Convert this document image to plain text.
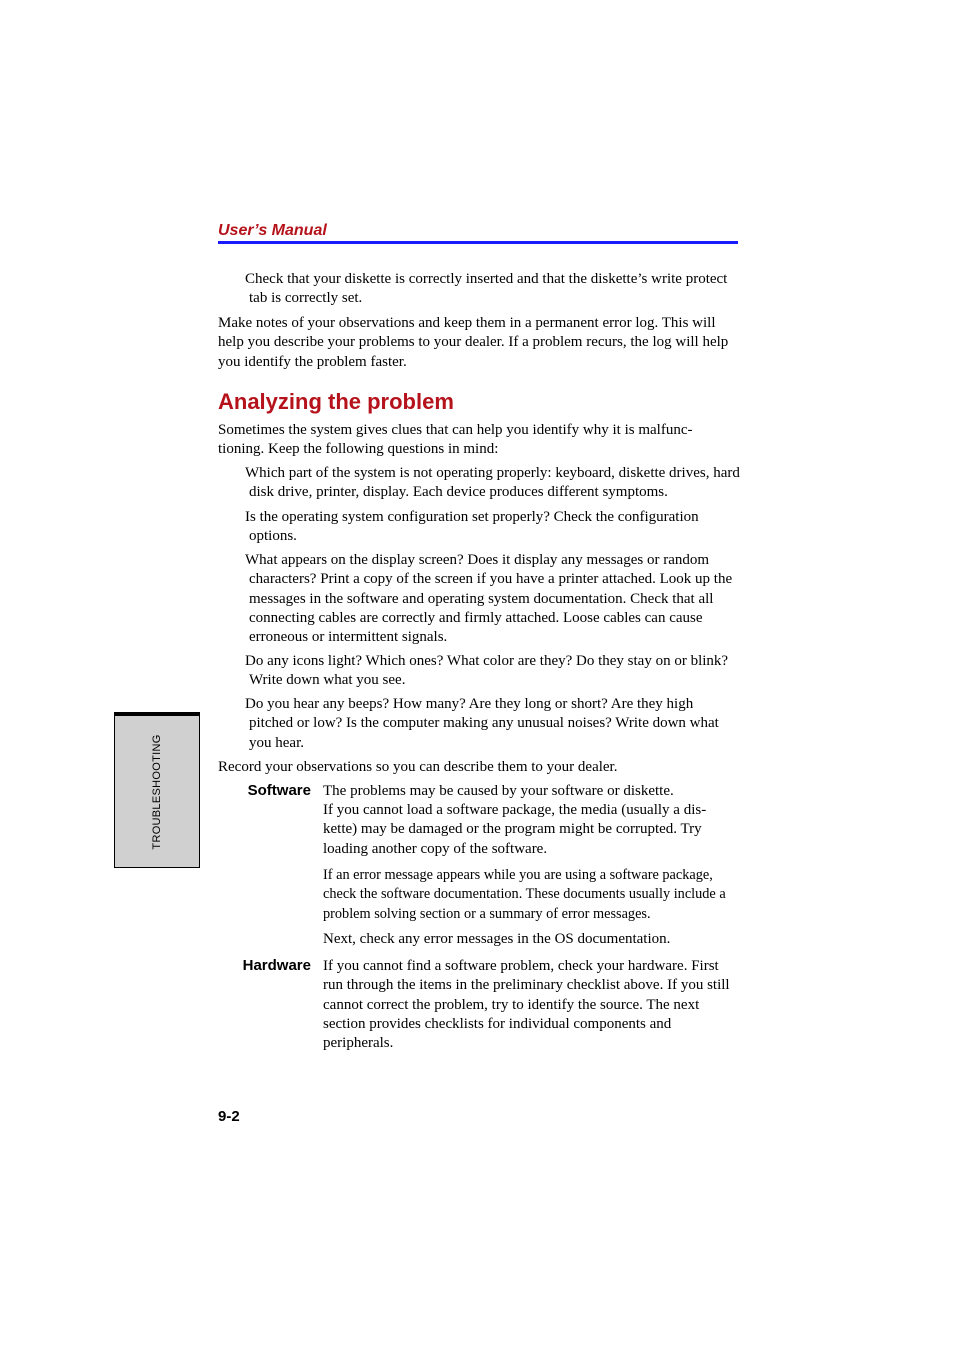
User’s Manual
Check that your diskette is correctly inserted and that the diskette’s write protect tab is correctly set.
Make notes of your observations and keep them in a permanent error log. This will help you describe your problems to your dealer. If a problem recurs, the log will help you identify the problem faster.
Analyzing the problem
Sometimes the system gives clues that can help you identify why it is malfunc-tioning. Keep the following questions in mind:
Which part of the system is not operating properly: keyboard, diskette drives, hard disk drive, printer, display. Each device produces different symptoms.
Is the operating system configuration set properly? Check the configuration options.
What appears on the display screen? Does it display any messages or random characters? Print a copy of the screen if you have a printer attached. Look up the messages in the software and operating system documentation. Check that all connecting cables are correctly and firmly attached. Loose cables can cause erroneous or intermittent signals.
Do any icons light? Which ones? What color are they? Do they stay on or blink? Write down what you see.
Do you hear any beeps? How many? Are they long or short? Are they high pitched or low? Is the computer making any unusual noises? Write down what you hear.
Record your observations so you can describe them to your dealer.
Software The problems may be caused by your software or diskette.
If you cannot load a software package, the media (usually a dis-kette) may be damaged or the program might be corrupted. Try loading another copy of the software.
If an error message appears while you are using a software package, check the software documentation. These documents usually include a problem solving section or a summary of error messages.
Next, check any error messages in the OS documentation.
Hardware If you cannot find a software problem, check your hardware. First run through the items in the preliminary checklist above. If you still cannot correct the problem, try to identify the source. The next section provides checklists for individual components and peripherals.
TROUBLESHOOTING
9-2
